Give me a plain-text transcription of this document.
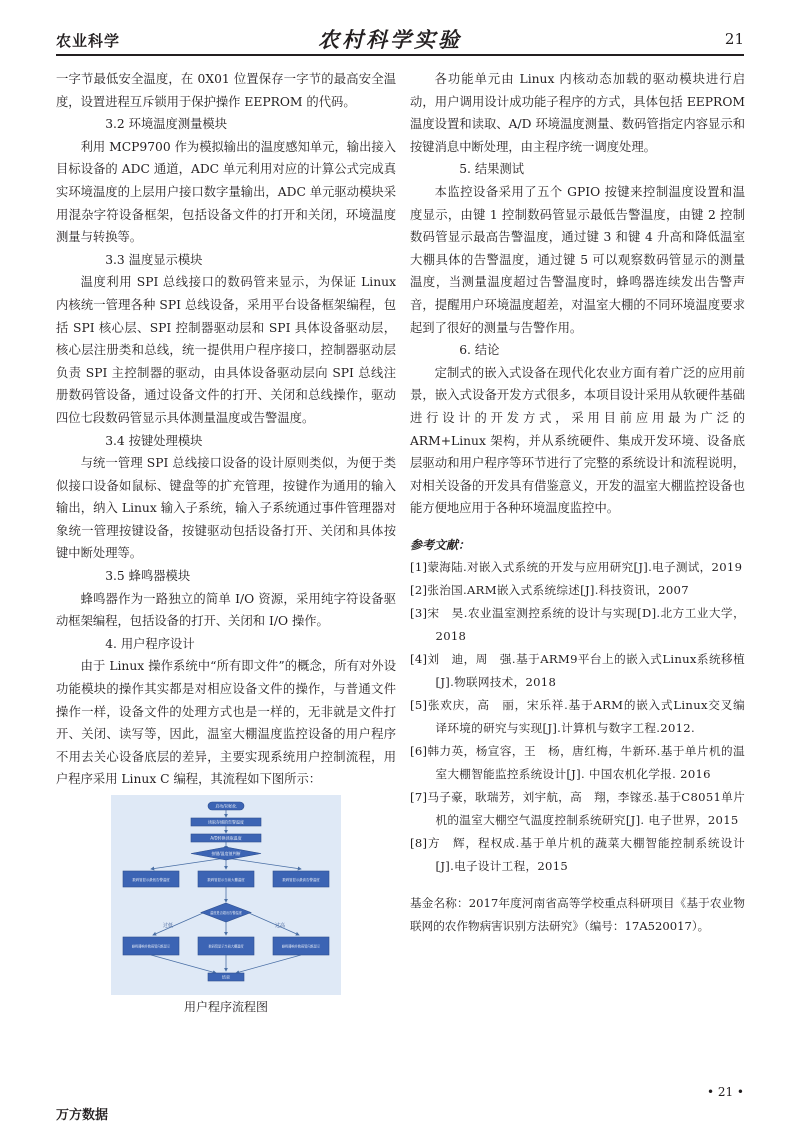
农业科学	农村科学实验	21

一字节最低安全温度，在 0X01 位置保存一字节的最高安全温度，设置进程互斥锁用于保护操作 EEPROM 的代码。

3.2 环境温度测量模块

利用 MCP9700 作为模拟输出的温度感知单元，输出接入目标设备的 ADC 通道，ADC 单元利用对应的计算公式完成真实环境温度的上层用户接口数字量输出，ADC 单元驱动模块采用混杂字符设备框架，包括设备文件的打开和关闭，环境温度测量与转换等。

3.3 温度显示模块

温度利用 SPI 总线接口的数码管来显示，为保证 Linux 内核统一管理各种 SPI 总线设备，采用平台设备框架编程，包括 SPI 核心层、SPI 控制器驱动层和 SPI 具体设备驱动层，核心层注册类和总线，统一提供用户程序接口，控制器驱动层负责 SPI 主控制器的驱动，由具体设备驱动层向 SPI 总线注册数码管设备，通过设备文件的打开、关闭和总线操作，驱动四位七段数码管显示具体测量温度或告警温度。

3.4 按键处理模块

与统一管理 SPI 总线接口设备的设计原则类似，为便于类似接口设备如鼠标、键盘等的扩充管理，按键作为通用的输入输出，纳入 Linux 输入子系统，输入子系统通过事件管理器对象统一管理按键设备，按键驱动包括设备打开、关闭和具体按键中断处理等。

3.5 蜂鸣器模块

蜂鸣器作为一路独立的简单 I/O 资源，采用纯字符设备驱动框架编程，包括设备的打开、关闭和 I/O 操作。

4. 用户程序设计

由于 Linux 操作系统中“所有即文件”的概念，所有对外设功能模块的操作其实都是对相应设备文件的操作，与普通文件操作一样，设备文件的处理方式也是一样的，无非就是文件打开、关闭、读写等，因此，温室大棚温度监控设备的用户程序不用去关心设备底层的差异，主要实现系统用户控制流程，用户程序采用 Linux C 编程，其流程如下图所示：

启动/初始化
读取存储的告警温度
A/D转换读取温度
按键/温度值判断
数码管显示最低告警温度	数码管显示当前大棚温度	数码管显示最高告警温度
温度是否超出告警温度
蜂鸣器响并数码管闪烁显示	数码管显示当前大棚温度	蜂鸣器响并数码管闪烁显示
结束
过低	过高
用户程序流程图

各功能单元由 Linux 内核动态加载的驱动模块进行启动，用户调用设计成功能子程序的方式，具体包括 EEPROM 温度设置和读取、A/D 环境温度测量、数码管指定内容显示和按键消息中断处理，由主程序统一调度处理。

5. 结果测试

本监控设备采用了五个 GPIO 按键来控制温度设置和温度显示，由键 1 控制数码管显示最低告警温度，由键 2 控制数码管显示最高告警温度，通过键 3 和键 4 升高和降低温室大棚具体的告警温度，通过键 5 可以观察数码管显示的测量温度，当测量温度超过告警温度时，蜂鸣器连续发出告警声音，提醒用户环境温度超差，对温室大棚的不同环境温度要求起到了很好的测量与告警作用。

6. 结论

定制式的嵌入式设备在现代化农业方面有着广泛的应用前景，嵌入式设备开发方式很多，本项目设计采用从软硬件基础进行设计的开发方式，采用目前应用最为广泛的 ARM+Linux 架构，并从系统硬件、集成开发环境、设备底层驱动和用户程序等环节进行了完整的系统设计和流程说明，对相关设备的开发具有借鉴意义，开发的温室大棚监控设备也能方便地应用于各种环境温度监控中。

参考文献：
[1]蒙海陆.对嵌入式系统的开发与应用研究[J].电子测试，2019
[2]张治国.ARM嵌入式系统综述[J].科技资讯，2007
[3]宋　昊.农业温室测控系统的设计与实现[D].北方工业大学，2018
[4]刘　迪，周　强.基于ARM9平台上的嵌入式Linux系统移植[J].物联网技术，2018
[5]张欢庆，高　丽，宋乐祥.基于ARM的嵌入式Linux交叉编译环境的研究与实现[J].计算机与数字工程.2012.
[6]韩力英，杨宣容，王　杨，唐红梅，牛新环.基于单片机的温室大棚智能监控系统设计[J]. 中国农机化学报. 2016
[7]马子豪，耿瑞芳，刘宇航，高　翔，李镓丞.基于C8051单片机的温室大棚空气温度控制系统研究[J]. 电子世界，2015
[8]方　辉，程权成.基于单片机的蔬菜大棚智能控制系统设计[J].电子设计工程，2015
基金名称：2017年度河南省高等学校重点科研项目《基于农业物联网的农作物病害识别方法研究》（编号：17A520017）。
• 21 •
万方数据
